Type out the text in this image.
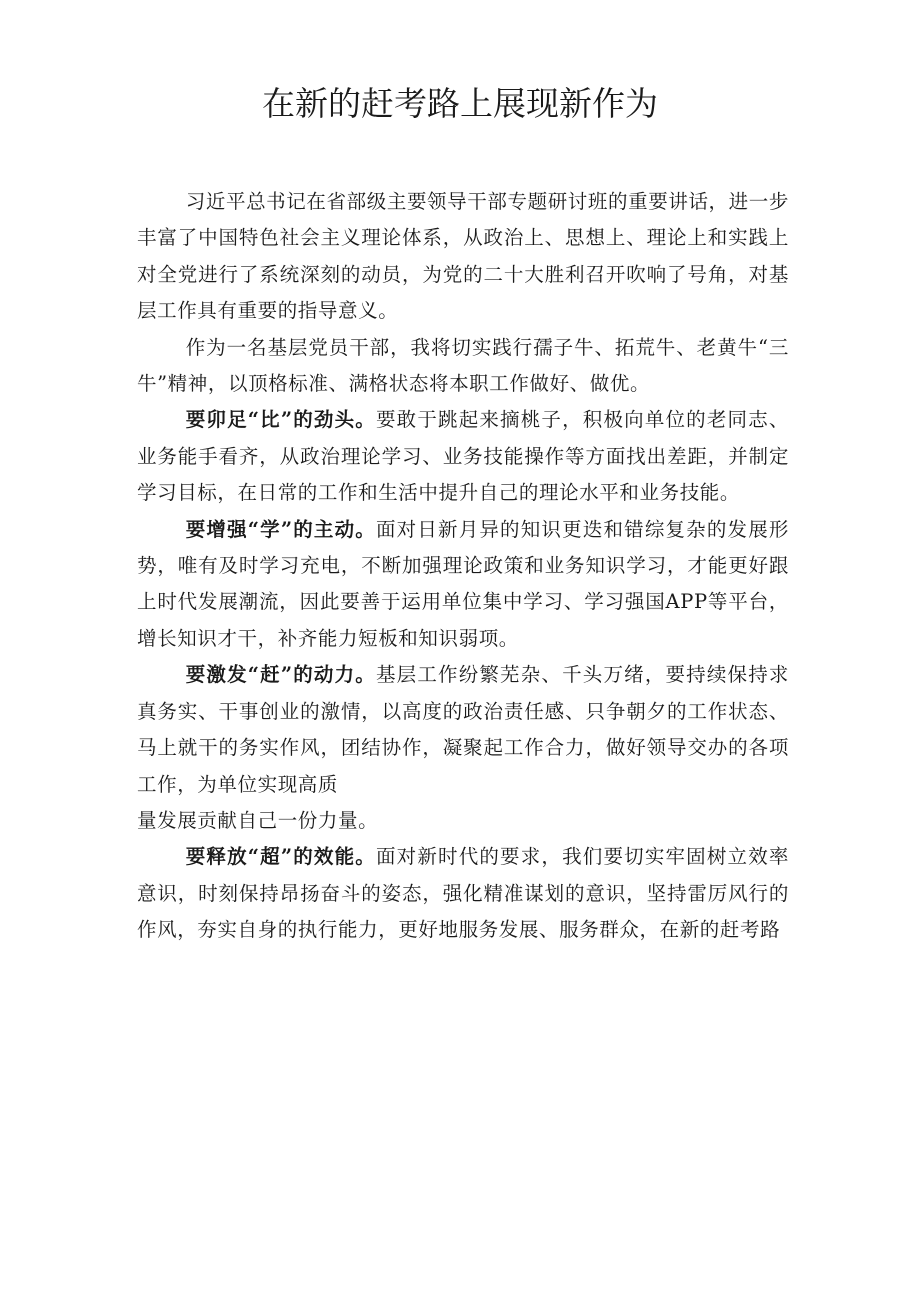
在新的赶考路上展现新作为

习近平总书记在省部级主要领导干部专题研讨班的重要讲话，进一步丰富了中国特色社会主义理论体系，从政治上、思想上、理论上和实践上对全党进行了系统深刻的动员，为党的二十大胜利召开吹响了号角，对基层工作具有重要的指导意义。

作为一名基层党员干部，我将切实践行孺子牛、拓荒牛、老黄牛“三牛”精神，以顶格标准、满格状态将本职工作做好、做优。

要卯足“比”的劲头。要敢于跳起来摘桃子，积极向单位的老同志、业务能手看齐，从政治理论学习、业务技能操作等方面找出差距，并制定学习目标，在日常的工作和生活中提升自己的理论水平和业务技能。

要增强“学”的主动。面对日新月异的知识更迭和错综复杂的发展形势，唯有及时学习充电，不断加强理论政策和业务知识学习，才能更好跟上时代发展潮流，因此要善于运用单位集中学习、学习强国APP等平台，增长知识才干，补齐能力短板和知识弱项。

要激发“赶”的动力。基层工作纷繁芜杂、千头万绪，要持续保持求真务实、干事创业的激情，以高度的政治责任感、只争朝夕的工作状态、马上就干的务实作风，团结协作，凝聚起工作合力，做好领导交办的各项工作，为单位实现高质

量发展贡献自己一份力量。

要释放“超”的效能。面对新时代的要求，我们要切实牢固树立效率意识，时刻保持昂扬奋斗的姿态，强化精准谋划的意识，坚持雷厉风行的作风，夯实自身的执行能力，更好地服务发展、服务群众，在新的赶考路
